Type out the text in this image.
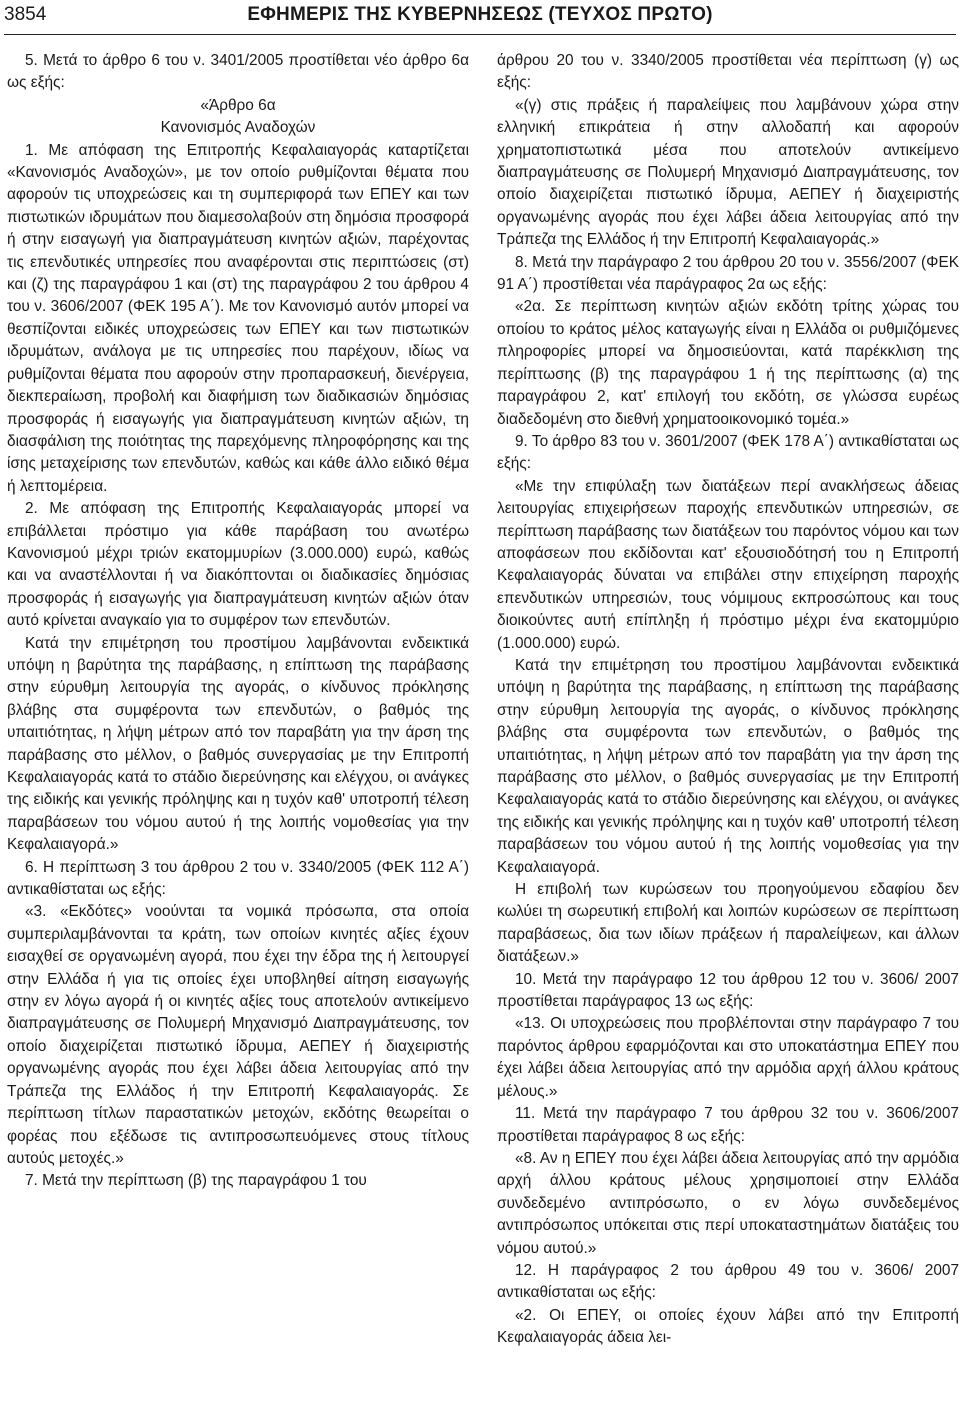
3854	ΕΦΗΜΕΡΙΣ ΤΗΣ ΚΥΒΕΡΝΗΣΕΩΣ (ΤΕΥΧΟΣ ΠΡΩΤΟ)

5. Μετά το άρθρο 6 του ν. 3401/2005 προστίθεται νέο άρθρο 6α ως εξής:

«Άρθρο 6α

Κανονισμός Αναδοχών

1. Με απόφαση της Επιτροπής Κεφαλαιαγοράς καταρτίζεται «Κανονισμός Αναδοχών», με τον οποίο ρυθμίζονται θέματα που αφορούν τις υποχρεώσεις και τη συμπεριφορά των ΕΠΕΥ και των πιστωτικών ιδρυμάτων που διαμεσολαβούν στη δημόσια προσφορά ή στην εισαγωγή για διαπραγμάτευση κινητών αξιών, παρέχοντας τις επενδυτικές υπηρεσίες που αναφέρονται στις περιπτώσεις (στ) και (ζ) της παραγράφου 1 και (στ) της παραγράφου 2 του άρθρου 4 του ν. 3606/2007 (ΦΕΚ 195 Α΄). Με τον Κανονισμό αυτόν μπορεί να θεσπίζονται ειδικές υποχρεώσεις των ΕΠΕΥ και των πιστωτικών ιδρυμάτων, ανάλογα με τις υπηρεσίες που παρέχουν, ιδίως να ρυθμίζονται θέματα που αφορούν στην προπαρασκευή, διενέργεια, διεκπεραίωση, προβολή και διαφήμιση των διαδικασιών δημόσιας προσφοράς ή εισαγωγής για διαπραγμάτευση κινητών αξιών, τη διασφάλιση της ποιότητας της παρεχόμενης πληροφόρησης και της ίσης μεταχείρισης των επενδυτών, καθώς και κάθε άλλο ειδικό θέμα ή λεπτομέρεια.

2. Με απόφαση της Επιτροπής Κεφαλαιαγοράς μπορεί να επιβάλλεται πρόστιμο για κάθε παράβαση του ανωτέρω Κανονισμού μέχρι τριών εκατομμυρίων (3.000.000) ευρώ, καθώς και να αναστέλλονται ή να διακόπτονται οι διαδικασίες δημόσιας προσφοράς ή εισαγωγής για διαπραγμάτευση κινητών αξιών όταν αυτό κρίνεται αναγκαίο για το συμφέρον των επενδυτών.

Κατά την επιμέτρηση του προστίμου λαμβάνονται ενδεικτικά υπόψη η βαρύτητα της παράβασης, η επίπτωση της παράβασης στην εύρυθμη λειτουργία της αγοράς, ο κίνδυνος πρόκλησης βλάβης στα συμφέροντα των επενδυτών, ο βαθμός της υπαιτιότητας, η λήψη μέτρων από τον παραβάτη για την άρση της παράβασης στο μέλλον, ο βαθμός συνεργασίας με την Επιτροπή Κεφαλαιαγοράς κατά το στάδιο διερεύνησης και ελέγχου, οι ανάγκες της ειδικής και γενικής πρόληψης και η τυχόν καθ' υποτροπή τέλεση παραβάσεων του νόμου αυτού ή της λοιπής νομοθεσίας για την Κεφαλαιαγορά.»

6. Η περίπτωση 3 του άρθρου 2 του ν. 3340/2005 (ΦΕΚ 112 Α΄) αντικαθίσταται ως εξής:

«3. «Εκδότες» νοούνται τα νομικά πρόσωπα, στα οποία συμπεριλαμβάνονται τα κράτη, των οποίων κινητές αξίες έχουν εισαχθεί σε οργανωμένη αγορά, που έχει την έδρα της ή λειτουργεί στην Ελλάδα ή για τις οποίες έχει υποβληθεί αίτηση εισαγωγής στην εν λόγω αγορά ή οι κινητές αξίες τους αποτελούν αντικείμενο διαπραγμάτευσης σε Πολυμερή Μηχανισμό Διαπραγμάτευσης, τον οποίο διαχειρίζεται πιστωτικό ίδρυμα, ΑΕΠΕΥ ή διαχειριστής οργανωμένης αγοράς που έχει λάβει άδεια λειτουργίας από την Τράπεζα της Ελλάδος ή την Επιτροπή Κεφαλαιαγοράς. Σε περίπτωση τίτλων παραστατικών μετοχών, εκδότης θεωρείται ο φορέας που εξέδωσε τις αντιπροσωπευόμενες στους τίτλους αυτούς μετοχές.»

7. Μετά την περίπτωση (β) της παραγράφου 1 του

άρθρου 20 του ν. 3340/2005 προστίθεται νέα περίπτωση (γ) ως εξής:

«(γ) στις πράξεις ή παραλείψεις που λαμβάνουν χώρα στην ελληνική επικράτεια ή στην αλλοδαπή και αφορούν χρηματοπιστωτικά μέσα που αποτελούν αντικείμενο διαπραγμάτευσης σε Πολυμερή Μηχανισμό Διαπραγμάτευσης, τον οποίο διαχειρίζεται πιστωτικό ίδρυμα, ΑΕΠΕΥ ή διαχειριστής οργανωμένης αγοράς που έχει λάβει άδεια λειτουργίας από την Τράπεζα της Ελλάδος ή την Επιτροπή Κεφαλαιαγοράς.»

8. Μετά την παράγραφο 2 του άρθρου 20 του ν. 3556/2007 (ΦΕΚ 91 Α΄) προστίθεται νέα παράγραφος 2α ως εξής:

«2α. Σε περίπτωση κινητών αξιών εκδότη τρίτης χώρας του οποίου το κράτος μέλος καταγωγής είναι η Ελλάδα οι ρυθμιζόμενες πληροφορίες μπορεί να δημοσιεύονται, κατά παρέκκλιση της περίπτωσης (β) της παραγράφου 1 ή της περίπτωσης (α) της παραγράφου 2, κατ' επιλογή του εκδότη, σε γλώσσα ευρέως διαδεδομένη στο διεθνή χρηματοοικονομικό τομέα.»

9. Το άρθρο 83 του ν. 3601/2007 (ΦΕΚ 178 Α΄) αντικαθίσταται ως εξής:

«Με την επιφύλαξη των διατάξεων περί ανακλήσεως άδειας λειτουργίας επιχειρήσεων παροχής επενδυτικών υπηρεσιών, σε περίπτωση παράβασης των διατάξεων του παρόντος νόμου και των αποφάσεων που εκδίδονται κατ' εξουσιοδότησή του η Επιτροπή Κεφαλαιαγοράς δύναται να επιβάλει στην επιχείρηση παροχής επενδυτικών υπηρεσιών, τους νόμιμους εκπροσώπους και τους διοικούντες αυτή επίπληξη ή πρόστιμο μέχρι ένα εκατομμύριο (1.000.000) ευρώ.

Κατά την επιμέτρηση του προστίμου λαμβάνονται ενδεικτικά υπόψη η βαρύτητα της παράβασης, η επίπτωση της παράβασης στην εύρυθμη λειτουργία της αγοράς, ο κίνδυνος πρόκλησης βλάβης στα συμφέροντα των επενδυτών, ο βαθμός της υπαιτιότητας, η λήψη μέτρων από τον παραβάτη για την άρση της παράβασης στο μέλλον, ο βαθμός συνεργασίας με την Επιτροπή Κεφαλαιαγοράς κατά το στάδιο διερεύνησης και ελέγχου, οι ανάγκες της ειδικής και γενικής πρόληψης και η τυχόν καθ' υποτροπή τέλεση παραβάσεων του νόμου αυτού ή της λοιπής νομοθεσίας για την Κεφαλαιαγορά.

Η επιβολή των κυρώσεων του προηγούμενου εδαφίου δεν κωλύει τη σωρευτική επιβολή και λοιπών κυρώσεων σε περίπτωση παραβάσεως, δια των ιδίων πράξεων ή παραλείψεων, και άλλων διατάξεων.»

10. Μετά την παράγραφο 12 του άρθρου 12 του ν. 3606/ 2007 προστίθεται παράγραφος 13 ως εξής:

«13. Οι υποχρεώσεις που προβλέπονται στην παράγραφο 7 του παρόντος άρθρου εφαρμόζονται και στο υποκατάστημα ΕΠΕΥ που έχει λάβει άδεια λειτουργίας από την αρμόδια αρχή άλλου κράτους μέλους.»

11. Μετά την παράγραφο 7 του άρθρου 32 του ν. 3606/2007 προστίθεται παράγραφος 8 ως εξής:

«8. Αν η ΕΠΕΥ που έχει λάβει άδεια λειτουργίας από την αρμόδια αρχή άλλου κράτους μέλους χρησιμοποιεί στην Ελλάδα συνδεδεμένο αντιπρόσωπο, ο εν λόγω συνδεδεμένος αντιπρόσωπος υπόκειται στις περί υποκαταστημάτων διατάξεις του νόμου αυτού.»

12. Η παράγραφος 2 του άρθρου 49 του ν. 3606/ 2007 αντικαθίσταται ως εξής:

«2. Οι ΕΠΕΥ, οι οποίες έχουν λάβει από την Επιτροπή Κεφαλαιαγοράς άδεια λει-
